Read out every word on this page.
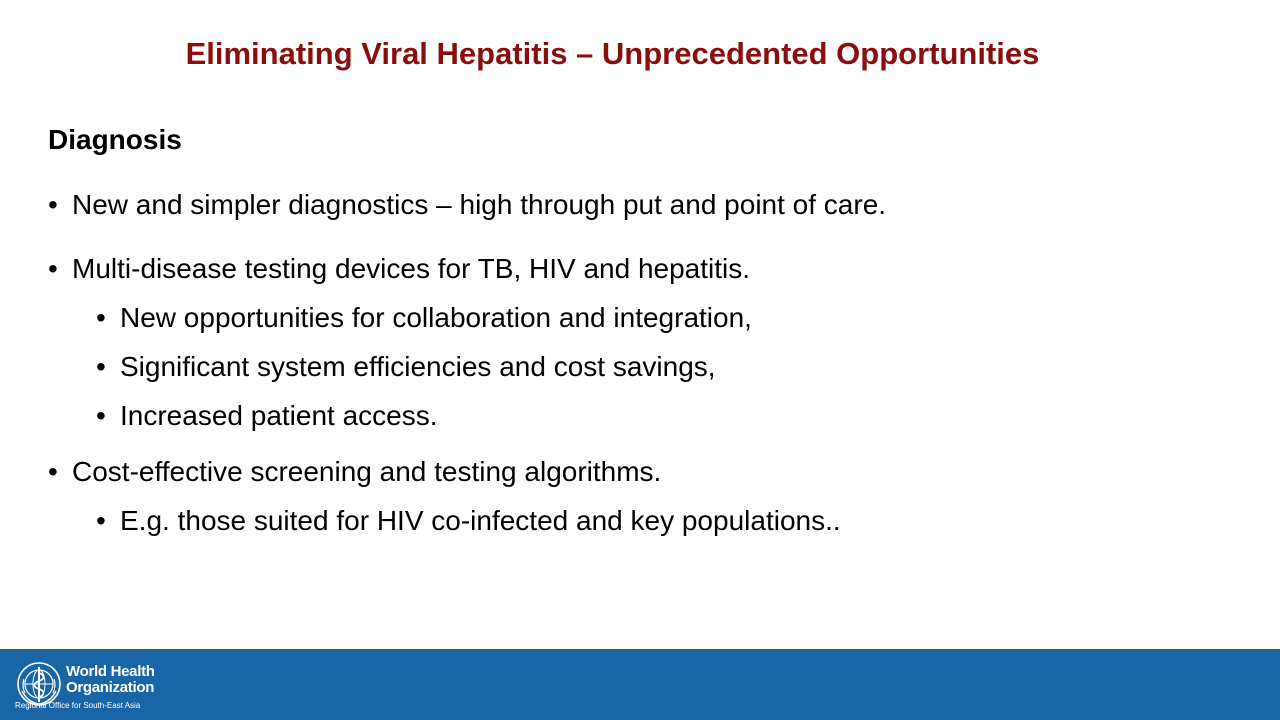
Eliminating Viral Hepatitis – Unprecedented Opportunities
Diagnosis

• New and simpler diagnostics – high through put and point of care.

• Multi-disease testing devices for TB, HIV and hepatitis.

• New opportunities for collaboration and integration,

• Significant system efficiencies and cost savings,

• Increased patient access.

• Cost-effective screening and testing algorithms.

• E.g. those suited for HIV co-infected and key populations..

World Health
Organization
Regional Office for South-East Asia
